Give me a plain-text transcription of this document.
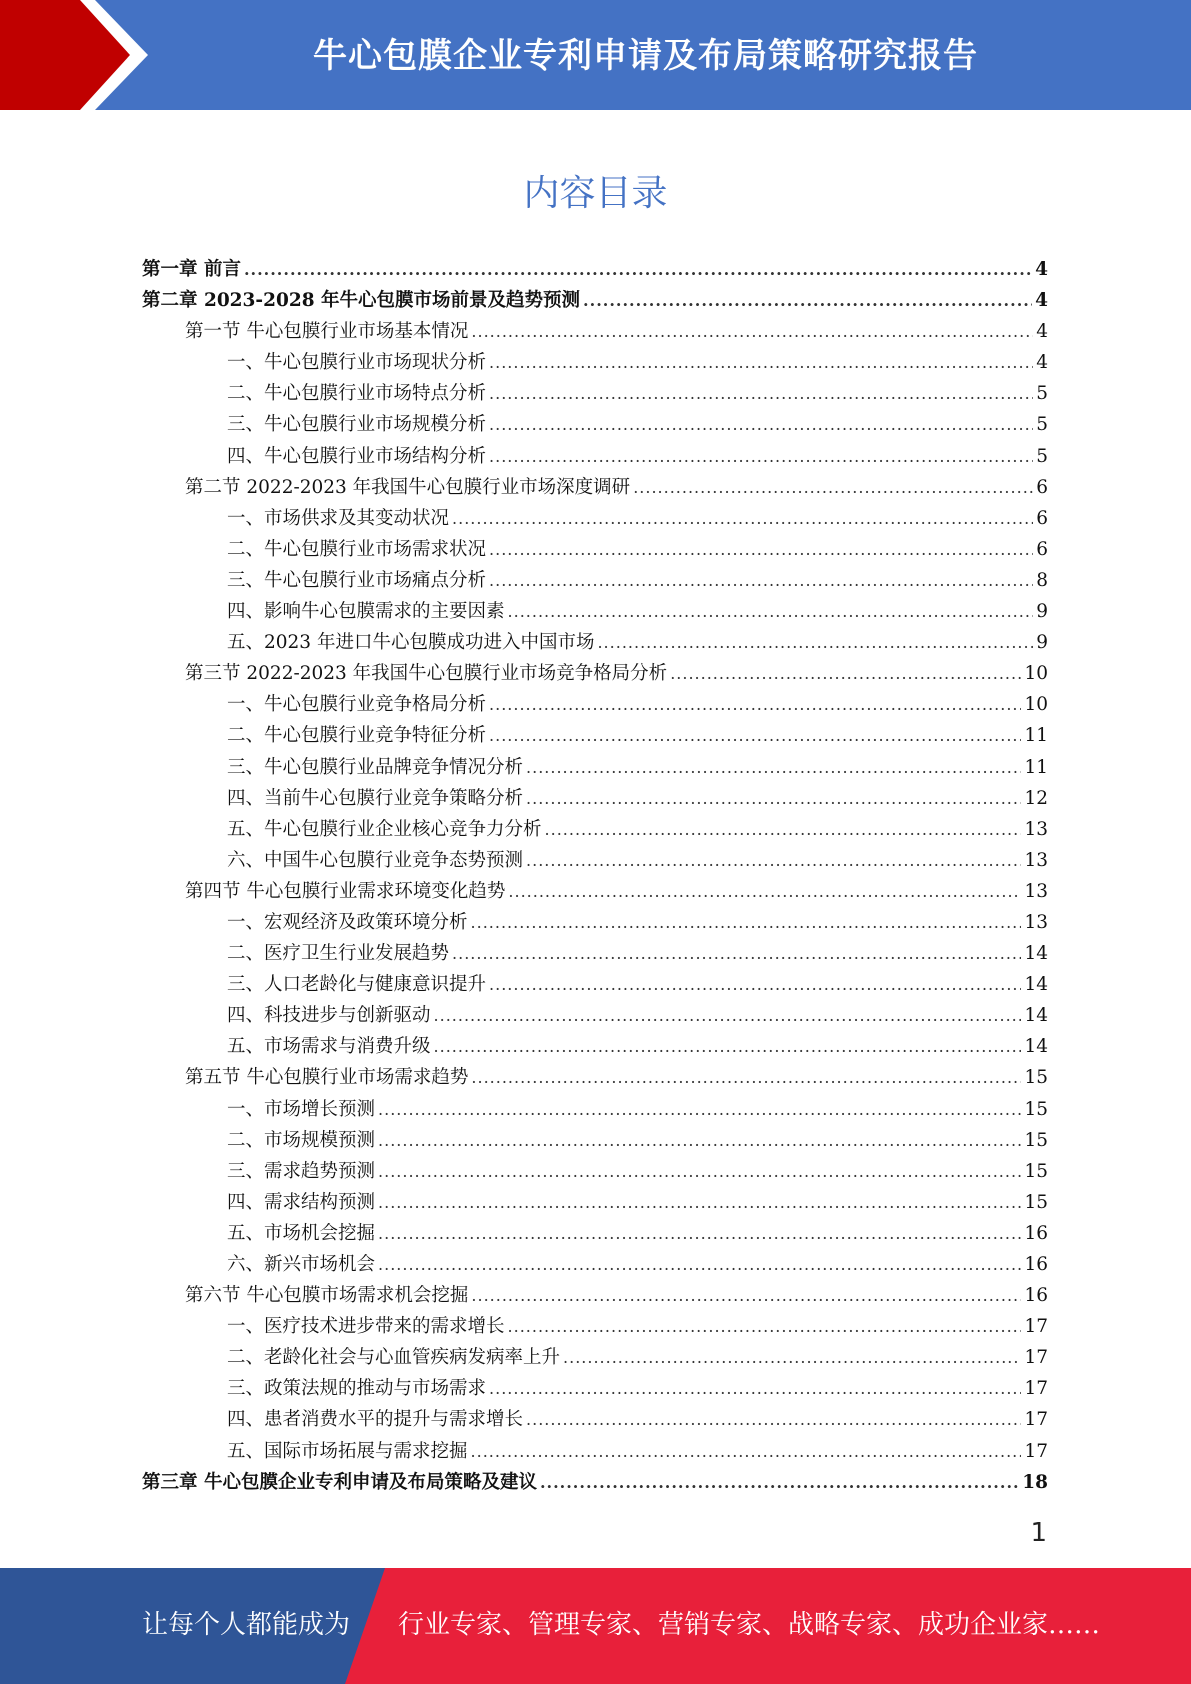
牛心包膜企业专利申请及布局策略研究报告
内容目录
第一章 前言 .....	4
第二章 2023-2028 年牛心包膜市场前景及趋势预测 .....	4
第一节 牛心包膜行业市场基本情况 .....	4
一、牛心包膜行业市场现状分析 .....	4
二、牛心包膜行业市场特点分析 .....	5
三、牛心包膜行业市场规模分析 .....	5
四、牛心包膜行业市场结构分析 .....	5
第二节 2022-2023 年我国牛心包膜行业市场深度调研 .....	6
一、市场供求及其变动状况 .....	6
二、牛心包膜行业市场需求状况 .....	6
三、牛心包膜行业市场痛点分析 .....	8
四、影响牛心包膜需求的主要因素 .....	9
五、2023 年进口牛心包膜成功进入中国市场 .....	9
第三节 2022-2023 年我国牛心包膜行业市场竞争格局分析 .....	10
一、牛心包膜行业竞争格局分析 .....	10
二、牛心包膜行业竞争特征分析 .....	11
三、牛心包膜行业品牌竞争情况分析 .....	11
四、当前牛心包膜行业竞争策略分析 .....	12
五、牛心包膜行业企业核心竞争力分析 .....	13
六、中国牛心包膜行业竞争态势预测 .....	13
第四节 牛心包膜行业需求环境变化趋势 .....	13
一、宏观经济及政策环境分析 .....	13
二、医疗卫生行业发展趋势 .....	14
三、人口老龄化与健康意识提升 .....	14
四、科技进步与创新驱动 .....	14
五、市场需求与消费升级 .....	14
第五节 牛心包膜行业市场需求趋势 .....	15
一、市场增长预测 .....	15
二、市场规模预测 .....	15
三、需求趋势预测 .....	15
四、需求结构预测 .....	15
五、市场机会挖掘 .....	16
六、新兴市场机会 .....	16
第六节 牛心包膜市场需求机会挖掘 .....	16
一、医疗技术进步带来的需求增长 .....	17
二、老龄化社会与心血管疾病发病率上升 .....	17
三、政策法规的推动与市场需求 .....	17
四、患者消费水平的提升与需求增长 .....	17
五、国际市场拓展与需求挖掘 .....	17
第三章 牛心包膜企业专利申请及布局策略及建议 .....	18
1
让每个人都能成为 行业专家、管理专家、营销专家、战略专家、成功企业家……
